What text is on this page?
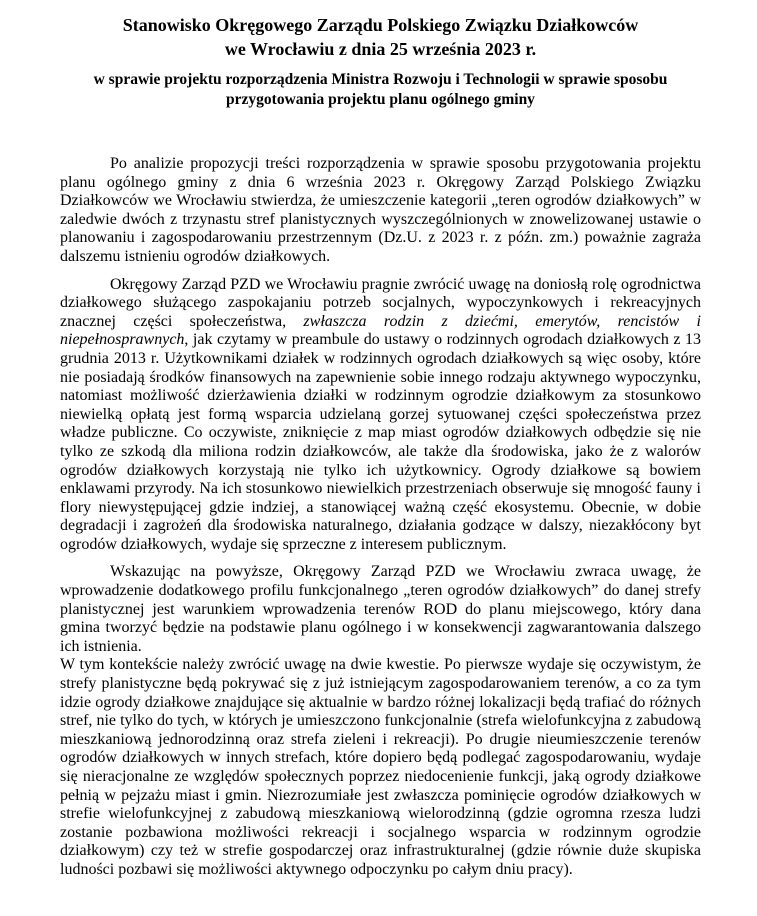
Stanowisko Okręgowego Zarządu Polskiego Związku Działkowców
we Wrocławiu z dnia 25 września 2023 r.
w sprawie projektu rozporządzenia Ministra Rozwoju i Technologii w sprawie sposobu
przygotowania projektu planu ogólnego gminy

Po analizie propozycji treści rozporządzenia w sprawie sposobu przygotowania projektu planu ogólnego gminy z dnia 6 września 2023 r. Okręgowy Zarząd Polskiego Związku Działkowców we Wrocławiu stwierdza, że umieszczenie kategorii „teren ogrodów działkowych” w zaledwie dwóch z trzynastu stref planistycznych wyszczególnionych w znowelizowanej ustawie o planowaniu i zagospodarowaniu przestrzennym (Dz.U. z 2023 r. z późn. zm.) poważnie zagraża dalszemu istnieniu ogrodów działkowych.

Okręgowy Zarząd PZD we Wrocławiu pragnie zwrócić uwagę na doniosłą rolę ogrodnictwa działkowego służącego zaspokajaniu potrzeb socjalnych, wypoczynkowych i rekreacyjnych znacznej części społeczeństwa, zwłaszcza rodzin z dziećmi, emerytów, rencistów i niepełnosprawnych, jak czytamy w preambule do ustawy o rodzinnych ogrodach działkowych z 13 grudnia 2013 r. Użytkownikami działek w rodzinnych ogrodach działkowych są więc osoby, które nie posiadają środków finansowych na zapewnienie sobie innego rodzaju aktywnego wypoczynku, natomiast możliwość dzierżawienia działki w rodzinnym ogrodzie działkowym za stosunkowo niewielką opłatą jest formą wsparcia udzielaną gorzej sytuowanej części społeczeństwa przez władze publiczne. Co oczywiste, zniknięcie z map miast ogrodów działkowych odbędzie się nie tylko ze szkodą dla miliona rodzin działkowców, ale także dla środowiska, jako że z walorów ogrodów działkowych korzystają nie tylko ich użytkownicy. Ogrody działkowe są bowiem enklawami przyrody. Na ich stosunkowo niewielkich przestrzeniach obserwuje się mnogość fauny i flory niewystępującej gdzie indziej, a stanowiącej ważną część ekosystemu. Obecnie, w dobie degradacji i zagrożeń dla środowiska naturalnego, działania godzące w dalszy, niezakłócony byt ogrodów działkowych, wydaje się sprzeczne z interesem publicznym.

Wskazując na powyższe, Okręgowy Zarząd PZD we Wrocławiu zwraca uwagę, że wprowadzenie dodatkowego profilu funkcjonalnego „teren ogrodów działkowych” do danej strefy planistycznej jest warunkiem wprowadzenia terenów ROD do planu miejscowego, który dana gmina tworzyć będzie na podstawie planu ogólnego i w konsekwencji zagwarantowania dalszego ich istnienia.

W tym kontekście należy zwrócić uwagę na dwie kwestie. Po pierwsze wydaje się oczywistym, że strefy planistyczne będą pokrywać się z już istniejącym zagospodarowaniem terenów, a co za tym idzie ogrody działkowe znajdujące się aktualnie w bardzo różnej lokalizacji będą trafiać do różnych stref, nie tylko do tych, w których je umieszczono funkcjonalnie (strefa wielofunkcyjna z zabudową mieszkaniową jednorodzinną oraz strefa zieleni i rekreacji). Po drugie nieumieszczenie terenów ogrodów działkowych w innych strefach, które dopiero będą podlegać zagospodarowaniu, wydaje się nieracjonalne ze względów społecznych poprzez niedocenienie funkcji, jaką ogrody działkowe pełnią w pejzażu miast i gmin. Niezrozumiałe jest zwłaszcza pominięcie ogrodów działkowych w strefie wielofunkcyjnej z zabudową mieszkaniową wielorodzinną (gdzie ogromna rzesza ludzi zostanie pozbawiona możliwości rekreacji i socjalnego wsparcia w rodzinnym ogrodzie działkowym) czy też w strefie gospodarczej oraz infrastrukturalnej (gdzie równie duże skupiska ludności pozbawi się możliwości aktywnego odpoczynku po całym dniu pracy).
